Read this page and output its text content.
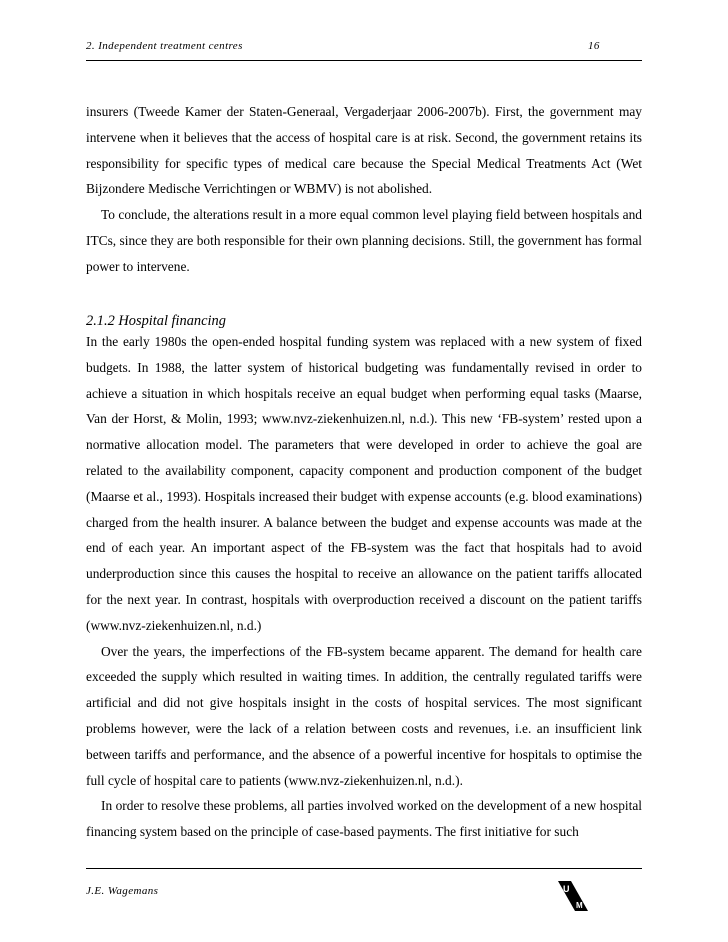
2. Independent treatment centres	16

insurers (Tweede Kamer der Staten-Generaal, Vergaderjaar 2006-2007b). First, the government may intervene when it believes that the access of hospital care is at risk. Second, the government retains its responsibility for specific types of medical care because the Special Medical Treatments Act (Wet Bijzondere Medische Verrichtingen or WBMV) is not abolished.

To conclude, the alterations result in a more equal common level playing field between hospitals and ITCs, since they are both responsible for their own planning decisions. Still, the government has formal power to intervene.

2.1.2 Hospital financing

In the early 1980s the open-ended hospital funding system was replaced with a new system of fixed budgets. In 1988, the latter system of historical budgeting was fundamentally revised in order to achieve a situation in which hospitals receive an equal budget when performing equal tasks (Maarse, Van der Horst, & Molin, 1993; www.nvz-ziekenhuizen.nl, n.d.). This new ‘FB-system’ rested upon a normative allocation model. The parameters that were developed in order to achieve the goal are related to the availability component, capacity component and production component of the budget (Maarse et al., 1993). Hospitals increased their budget with expense accounts (e.g. blood examinations) charged from the health insurer. A balance between the budget and expense accounts was made at the end of each year. An important aspect of the FB-system was the fact that hospitals had to avoid underproduction since this causes the hospital to receive an allowance on the patient tariffs allocated for the next year. In contrast, hospitals with overproduction received a discount on the patient tariffs (www.nvz-ziekenhuizen.nl, n.d.)

Over the years, the imperfections of the FB-system became apparent. The demand for health care exceeded the supply which resulted in waiting times. In addition, the centrally regulated tariffs were artificial and did not give hospitals insight in the costs of hospital services. The most significant problems however, were the lack of a relation between costs and revenues, i.e. an insufficient link between tariffs and performance, and the absence of a powerful incentive for hospitals to optimise the full cycle of hospital care to patients (www.nvz-ziekenhuizen.nl, n.d.).

In order to resolve these problems, all parties involved worked on the development of a new hospital financing system based on the principle of case-based payments. The first initiative for such

J.E. Wagemans	U
M
